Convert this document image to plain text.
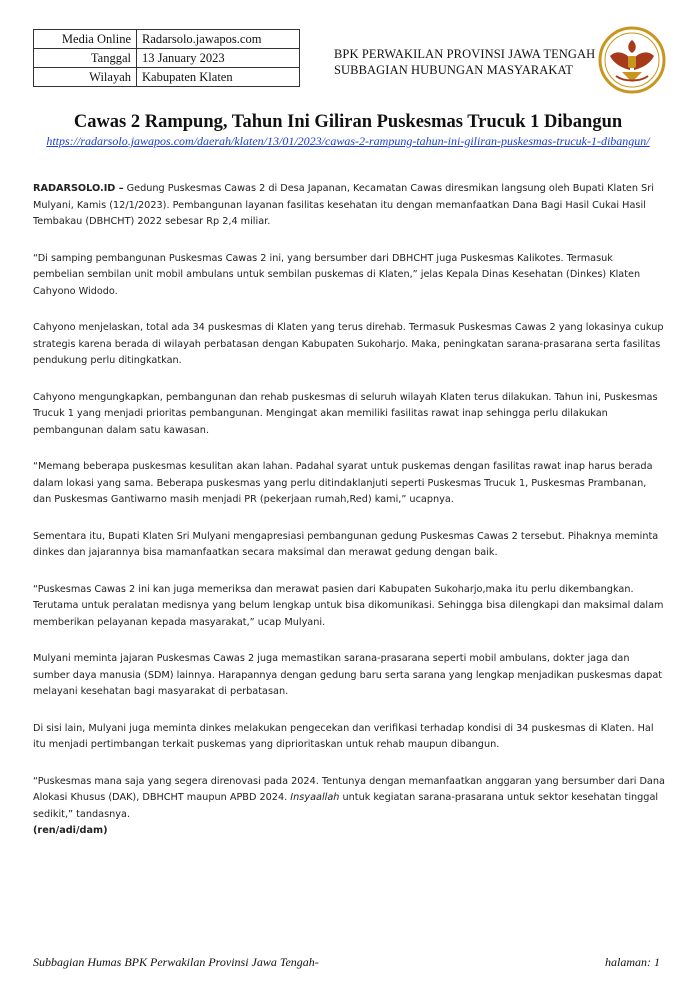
Media Online	Radarsolo.jawapos.com
Tanggal	13 January 2023
Wilayah	Kabupaten Klaten
BPK PERWAKILAN PROVINSI JAWA TENGAH
SUBBAGIAN HUBUNGAN MASYARAKAT
Cawas 2 Rampung, Tahun Ini Giliran Puskesmas Trucuk 1 Dibangun
https://radarsolo.jawapos.com/daerah/klaten/13/01/2023/cawas-2-rampung-tahun-ini-giliran-puskesmas-trucuk-1-dibangun/

RADARSOLO.ID – Gedung Puskesmas Cawas 2 di Desa Japanan, Kecamatan Cawas diresmikan langsung oleh Bupati Klaten Sri Mulyani, Kamis (12/1/2023). Pembangunan layanan fasilitas kesehatan itu dengan memanfaatkan Dana Bagi Hasil Cukai Hasil Tembakau (DBHCHT) 2022 sebesar Rp 2,4 miliar.

“Di samping pembangunan Puskesmas Cawas 2 ini, yang bersumber dari DBHCHT juga Puskesmas Kalikotes. Termasuk pembelian sembilan unit mobil ambulans untuk sembilan puskemas di Klaten,” jelas Kepala Dinas Kesehatan (Dinkes) Klaten Cahyono Widodo.

Cahyono menjelaskan, total ada 34 puskesmas di Klaten yang terus direhab. Termasuk Puskesmas Cawas 2 yang lokasinya cukup strategis karena berada di wilayah perbatasan dengan Kabupaten Sukoharjo. Maka, peningkatan sarana-prasarana serta fasilitas pendukung perlu ditingkatkan.

Cahyono mengungkapkan, pembangunan dan rehab puskesmas di seluruh wilayah Klaten terus dilakukan. Tahun ini, Puskesmas Trucuk 1 yang menjadi prioritas pembangunan. Mengingat akan memiliki fasilitas rawat inap sehingga perlu dilakukan pembangunan dalam satu kawasan.

“Memang beberapa puskesmas kesulitan akan lahan. Padahal syarat untuk puskemas dengan fasilitas rawat inap harus berada dalam lokasi yang sama. Beberapa puskesmas yang perlu ditindaklanjuti seperti Puskesmas Trucuk 1, Puskesmas Prambanan, dan Puskesmas Gantiwarno masih menjadi PR (pekerjaan rumah,Red) kami,” ucapnya.

Sementara itu, Bupati Klaten Sri Mulyani mengapresiasi pembangunan gedung Puskesmas Cawas 2 tersebut. Pihaknya meminta dinkes dan jajarannya bisa mamanfaatkan secara maksimal dan merawat gedung dengan baik.

“Puskesmas Cawas 2 ini kan juga memeriksa dan merawat pasien dari Kabupaten Sukoharjo,maka itu perlu dikembangkan. Terutama untuk peralatan medisnya yang belum lengkap untuk bisa dikomunikasi. Sehingga bisa dilengkapi dan maksimal dalam memberikan pelayanan kepada masyarakat,” ucap Mulyani.

Mulyani meminta jajaran Puskesmas Cawas 2 juga memastikan sarana-prasarana seperti mobil ambulans, dokter jaga dan sumber daya manusia (SDM) lainnya. Harapannya dengan gedung baru serta sarana yang lengkap menjadikan puskesmas dapat melayani kesehatan bagi masyarakat di perbatasan.

Di sisi lain, Mulyani juga meminta dinkes melakukan pengecekan dan verifikasi terhadap kondisi di 34 puskesmas di Klaten. Hal itu menjadi pertimbangan terkait puskemas yang diprioritaskan untuk rehab maupun dibangun.

“Puskesmas mana saja yang segera direnovasi pada 2024. Tentunya dengan memanfaatkan anggaran yang bersumber dari Dana Alokasi Khusus (DAK), DBHCHT maupun APBD 2024. Insyaallah untuk kegiatan sarana-prasarana untuk sektor kesehatan tinggal sedikit,” tandasnya.
(ren/adi/dam)

Subbagian Humas BPK Perwakilan Provinsi Jawa Tengah-	halaman: 1
